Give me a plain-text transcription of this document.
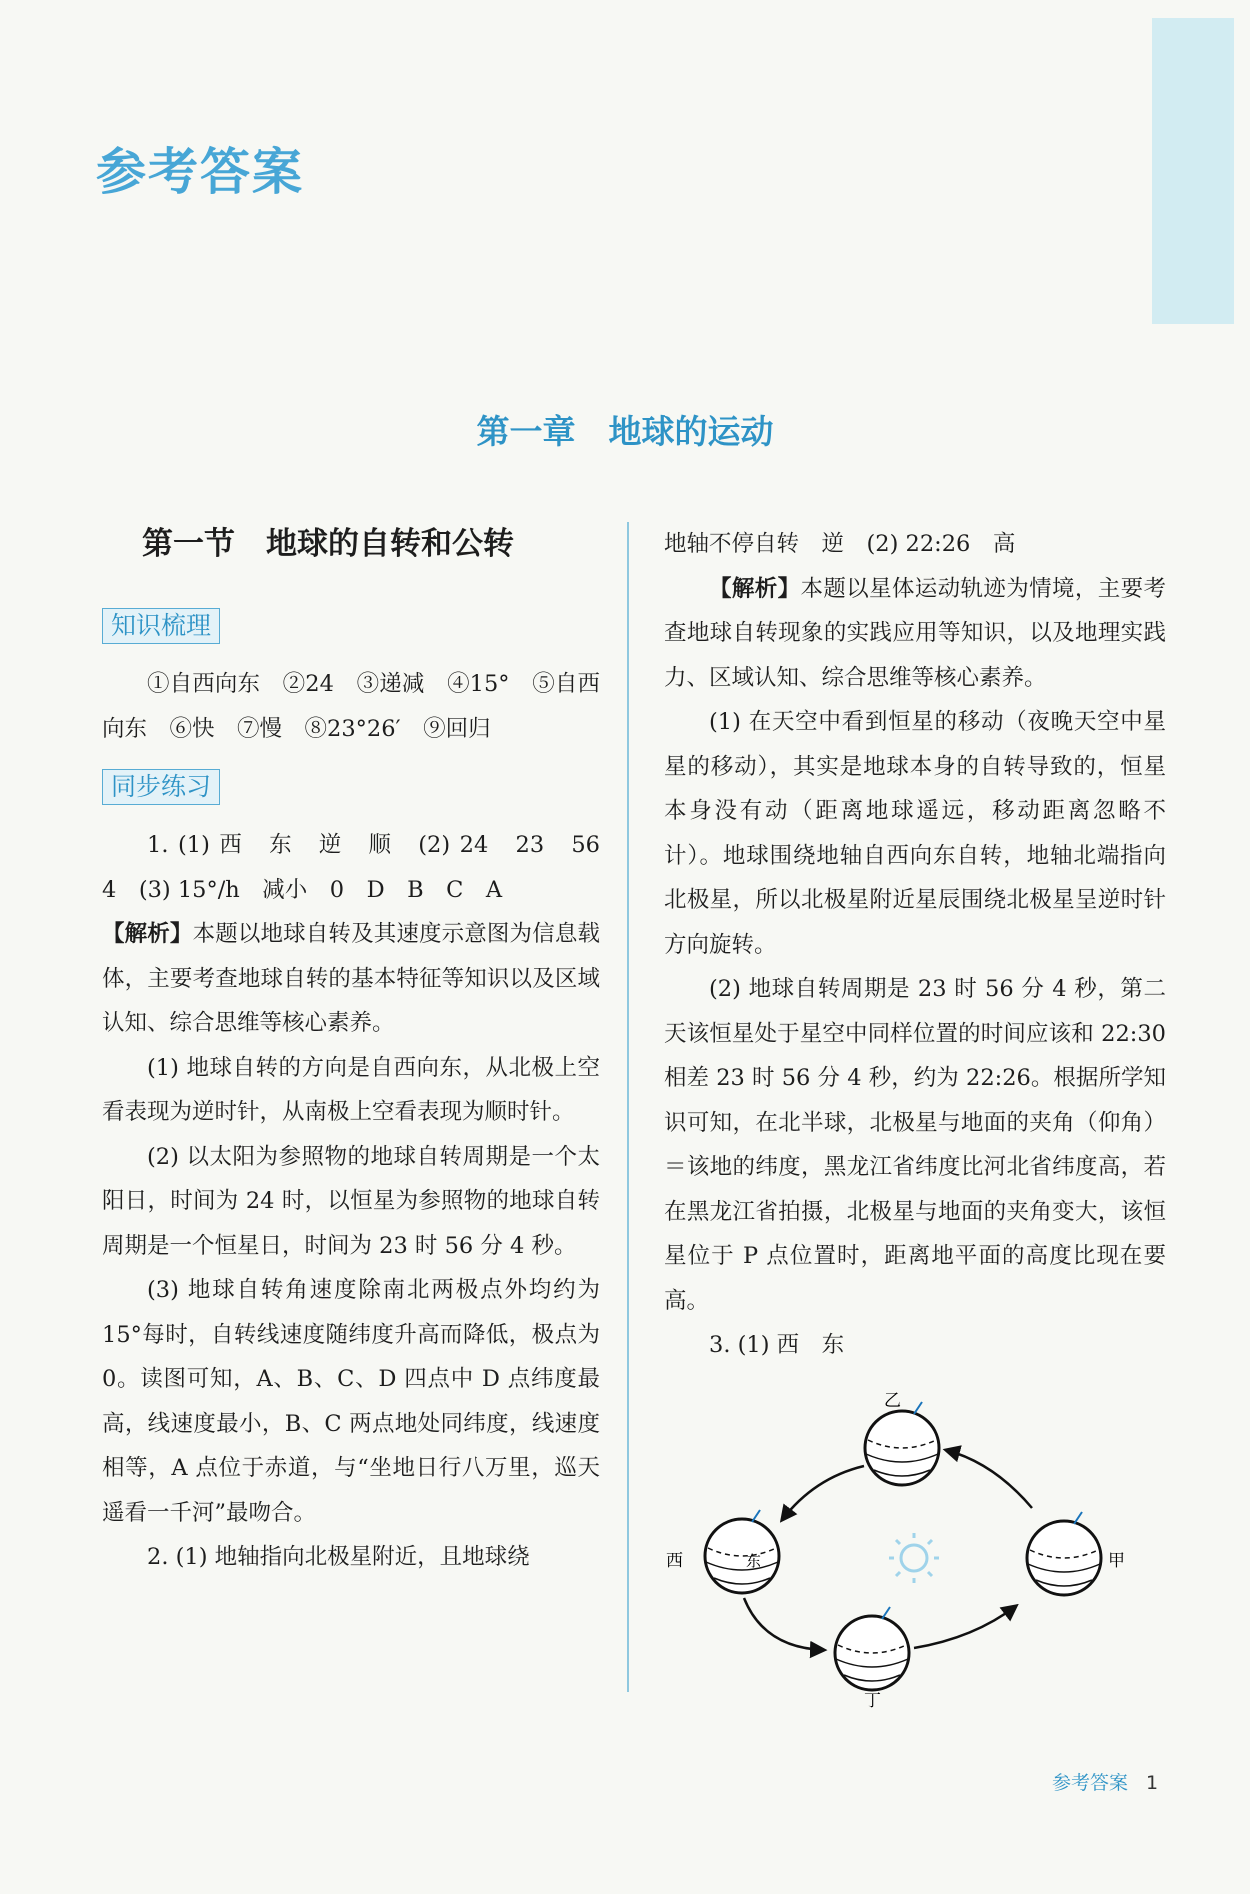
参考答案
第一章　地球的运动

第一节　地球的自转和公转

知识梳理

①自西向东　②24　③递减　④15°　⑤自西向东　⑥快　⑦慢　⑧23°26′　⑨回归

同步练习

1. (1) 西　东　逆　顺　(2) 24　23　56　4　(3) 15°/h　减小　0　D　B　C　A

【解析】本题以地球自转及其速度示意图为信息载体，主要考查地球自转的基本特征等知识以及区域认知、综合思维等核心素养。

(1) 地球自转的方向是自西向东，从北极上空看表现为逆时针，从南极上空看表现为顺时针。

(2) 以太阳为参照物的地球自转周期是一个太阳日，时间为 24 时，以恒星为参照物的地球自转周期是一个恒星日，时间为 23 时 56 分 4 秒。

(3) 地球自转角速度除南北两极点外均约为 15°每时，自转线速度随纬度升高而降低，极点为 0。读图可知，A、B、C、D 四点中 D 点纬度最高，线速度最小，B、C 两点地处同纬度，线速度相等，A 点位于赤道，与“坐地日行八万里，巡天遥看一千河”最吻合。

2. (1) 地轴指向北极星附近，且地球绕

地轴不停自转　逆　(2) 22:26　高

【解析】本题以星体运动轨迹为情境，主要考查地球自转现象的实践应用等知识，以及地理实践力、区域认知、综合思维等核心素养。

(1) 在天空中看到恒星的移动（夜晚天空中星星的移动），其实是地球本身的自转导致的，恒星本身没有动（距离地球遥远，移动距离忽略不计）。地球围绕地轴自西向东自转，地轴北端指向北极星，所以北极星附近星辰围绕北极星呈逆时针方向旋转。

(2) 地球自转周期是 23 时 56 分 4 秒，第二天该恒星处于星空中同样位置的时间应该和 22:30 相差 23 时 56 分 4 秒，约为 22:26。根据所学知识可知，在北半球，北极星与地面的夹角（仰角）＝该地的纬度，黑龙江省纬度比河北省纬度高，若在黑龙江省拍摄，北极星与地面的夹角变大，该恒星位于 P 点位置时，距离地平面的高度比现在要高。

3. (1) 西　东

乙
甲
丁
西	东
参考答案 1
